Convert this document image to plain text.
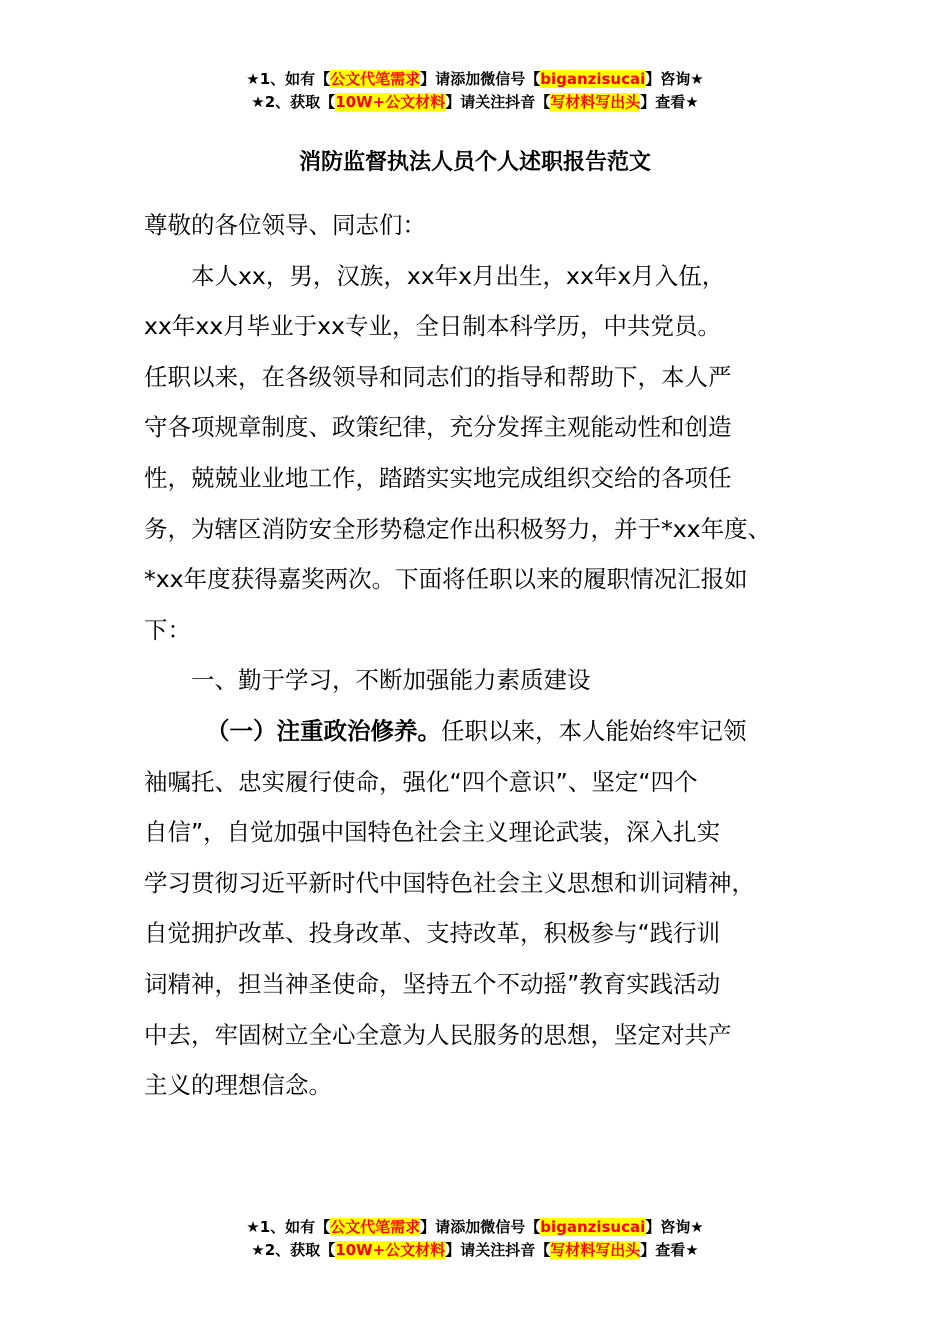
★1、如有【公文代笔需求】请添加微信号【biganzisucai】咨询★
★2、获取【10W+公文材料】请关注抖音【写材料写出头】查看★
消防监督执法人员个人述职报告范文
尊敬的各位领导、同志们：
本人xx，男，汉族，xx年x月出生，xx年x月入伍，
xx年xx月毕业于xx专业，全日制本科学历，中共党员。
任职以来，在各级领导和同志们的指导和帮助下，本人严
守各项规章制度、政策纪律，充分发挥主观能动性和创造
性，兢兢业业地工作，踏踏实实地完成组织交给的各项任
务，为辖区消防安全形势稳定作出积极努力，并于*xx年度、
*xx年度获得嘉奖两次。下面将任职以来的履职情况汇报如
下：
一、勤于学习，不断加强能力素质建设
（一）注重政治修养。任职以来，本人能始终牢记领
袖嘱托、忠实履行使命，强化“四个意识”、坚定“四个
自信”，自觉加强中国特色社会主义理论武装，深入扎实
学习贯彻习近平新时代中国特色社会主义思想和训词精神，
自觉拥护改革、投身改革、支持改革，积极参与“践行训
词精神，担当神圣使命，坚持五个不动摇”教育实践活动
中去，牢固树立全心全意为人民服务的思想，坚定对共产
主义的理想信念。
★1、如有【公文代笔需求】请添加微信号【biganzisucai】咨询★
★2、获取【10W+公文材料】请关注抖音【写材料写出头】查看★
